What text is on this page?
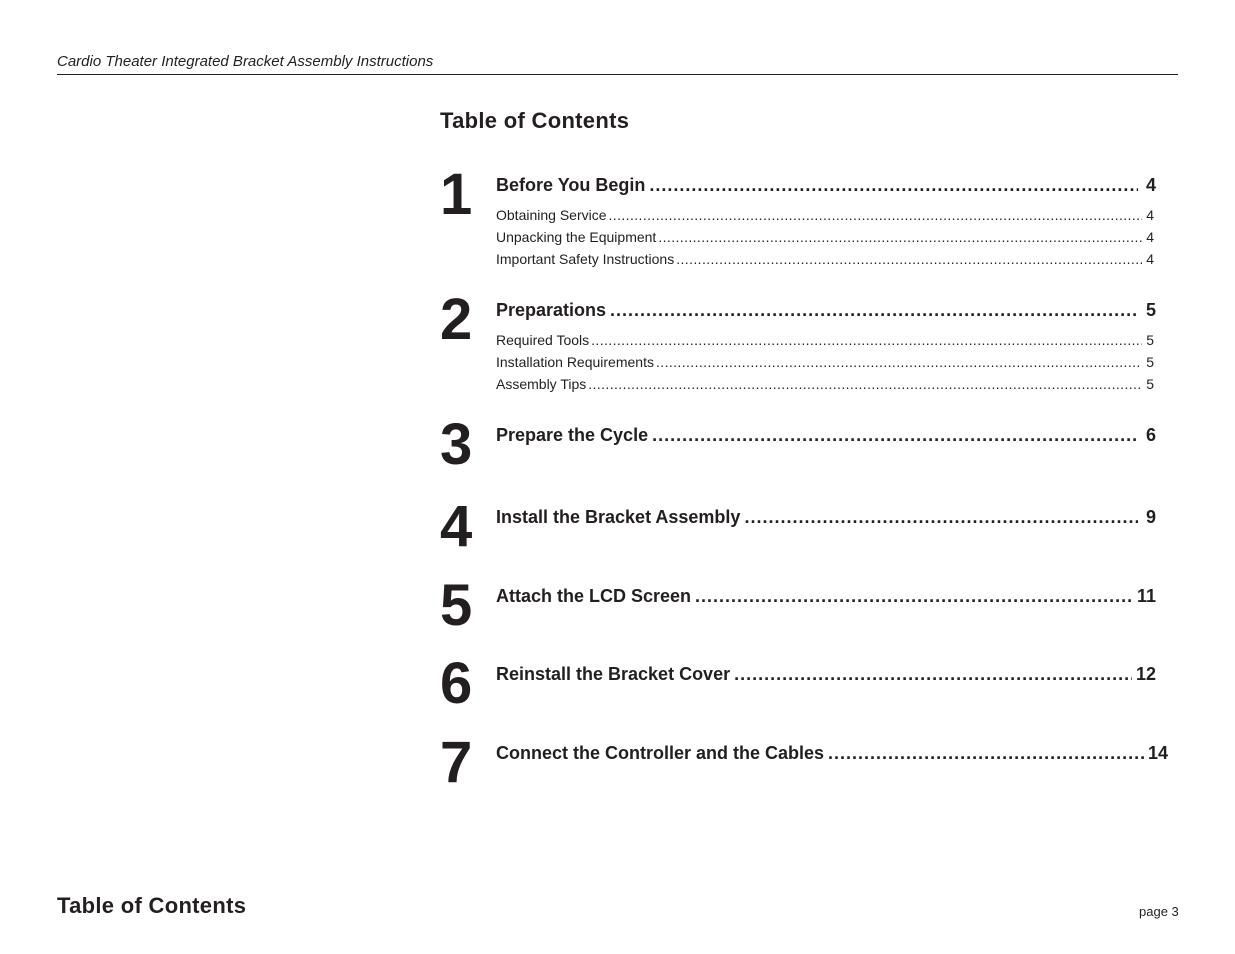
Cardio Theater Integrated Bracket Assembly Instructions
Table of Contents
1	Before You Begin .....	4
Obtaining Service .....	4
Unpacking the Equipment .....	4
Important Safety Instructions .....	4
2	Preparations .....	5
Required Tools .....	5
Installation Requirements .....	5
Assembly Tips .....	5
3	Prepare the Cycle .....	6
4	Install the Bracket Assembly .....	9
5	Attach the LCD Screen .....	11
6	Reinstall the Bracket Cover .....	12
7	Connect the Controller and the Cables .....	14
Table of Contents	page 3
